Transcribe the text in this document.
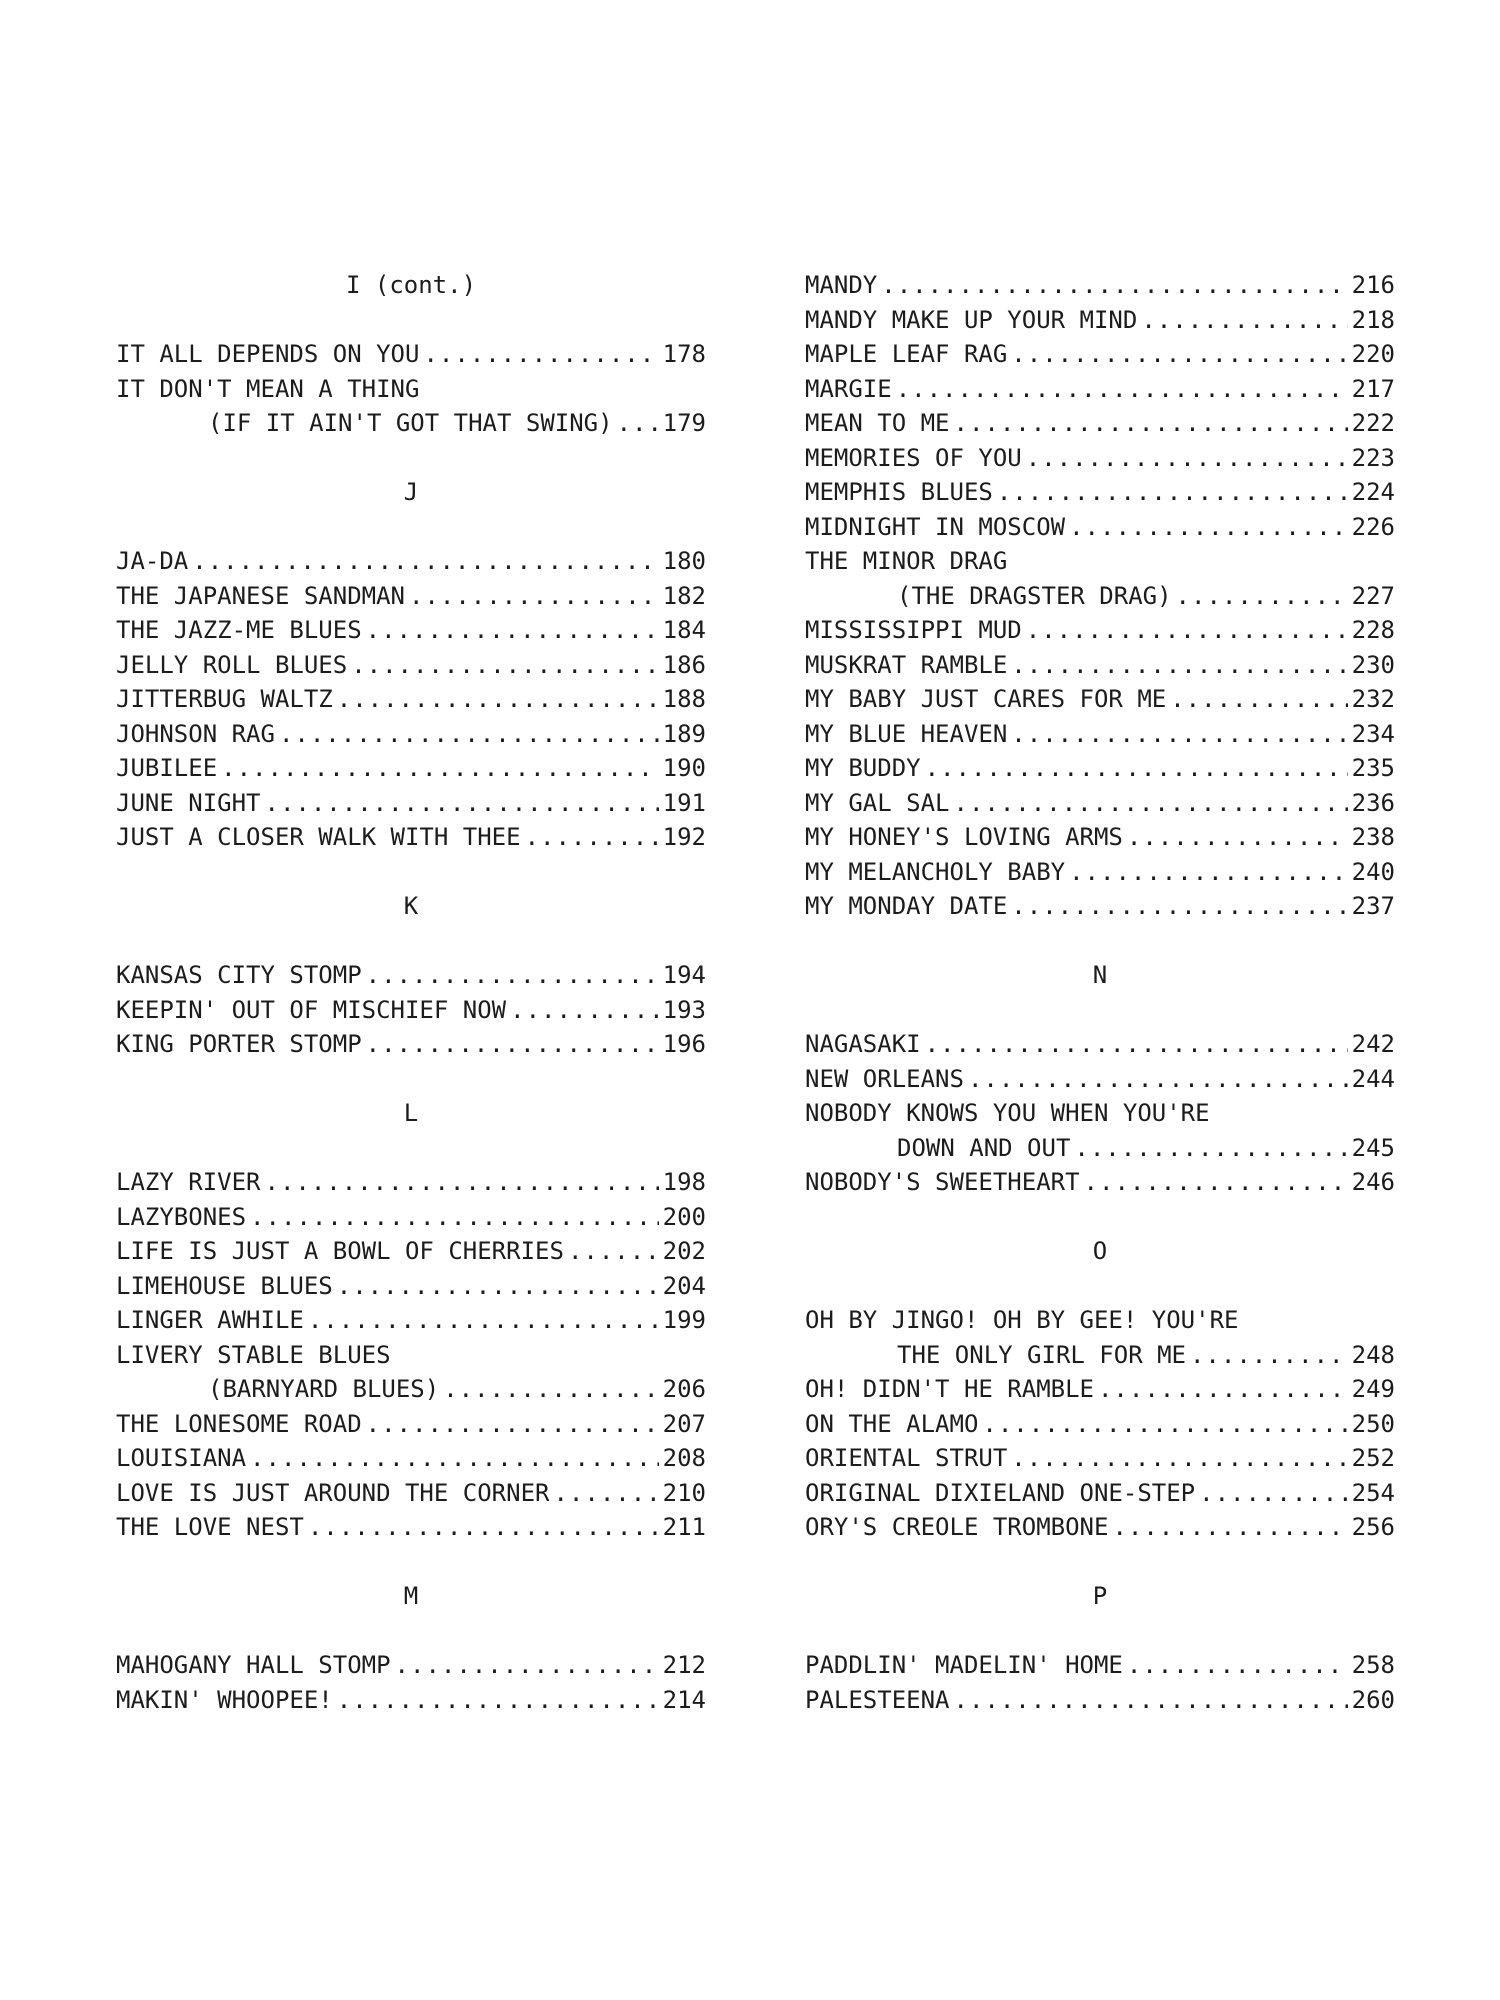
I (cont.)
IT ALL DEPENDS ON YOU .....	178
IT DON'T MEAN A THING
(IF IT AIN'T GOT THAT SWING) ..... 179
J
JA-DA .....	180
THE JAPANESE SANDMAN .....	182
THE JAZZ-ME BLUES .....	184
JELLY ROLL BLUES .....	186
JITTERBUG WALTZ .....	188
JOHNSON RAG .....	189
JUBILEE .....	190
JUNE NIGHT .....	191
JUST A CLOSER WALK WITH THEE .....	192
K
KANSAS CITY STOMP .....	194
KEEPIN' OUT OF MISCHIEF NOW .....	193
KING PORTER STOMP .....	196
L
LAZY RIVER .....	198
LAZYBONES .....	200
LIFE IS JUST A BOWL OF CHERRIES .....	202
LIMEHOUSE BLUES .....	204
LINGER AWHILE .....	199
LIVERY STABLE BLUES
(BARNYARD BLUES) .....	206
THE LONESOME ROAD .....	207
LOUISIANA .....	208
LOVE IS JUST AROUND THE CORNER .....	210
THE LOVE NEST .....	211
M
MAHOGANY HALL STOMP .....	212
MAKIN' WHOOPEE! .....	214
MANDY .....	216
MANDY MAKE UP YOUR MIND .....	218
MAPLE LEAF RAG .....	220
MARGIE .....	217
MEAN TO ME .....	222
MEMORIES OF YOU .....	223
MEMPHIS BLUES .....	224
MIDNIGHT IN MOSCOW .....	226
THE MINOR DRAG
(THE DRAGSTER DRAG) .....	227
MISSISSIPPI MUD .....	228
MUSKRAT RAMBLE .....	230
MY BABY JUST CARES FOR ME .....	232
MY BLUE HEAVEN .....	234
MY BUDDY .....	235
MY GAL SAL .....	236
MY HONEY'S LOVING ARMS .....	238
MY MELANCHOLY BABY .....	240
MY MONDAY DATE .....	237
N
NAGASAKI .....	242
NEW ORLEANS .....	244
NOBODY KNOWS YOU WHEN YOU'RE
DOWN AND OUT .....	245
NOBODY'S SWEETHEART .....	246
O
OH BY JINGO! OH BY GEE! YOU'RE
THE ONLY GIRL FOR ME .....	248
OH! DIDN'T HE RAMBLE .....	249
ON THE ALAMO .....	250
ORIENTAL STRUT .....	252
ORIGINAL DIXIELAND ONE-STEP .....	254
ORY'S CREOLE TROMBONE .....	256
P
PADDLIN' MADELIN' HOME .....	258
PALESTEENA .....	260
